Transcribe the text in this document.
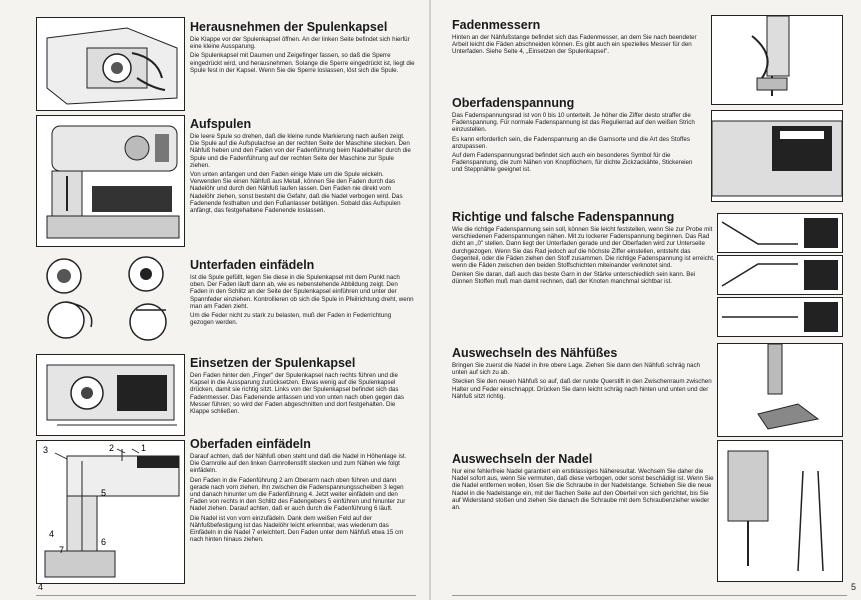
Herausnehmen der Spulenkapsel

Die Klappe vor der Spulenkapsel öffnen. An der linken Seite befindet sich hierfür eine kleine Aussparung.

Die Spulenkapsel mit Daumen und Zeigefinger fassen, so daß die Sperre eingedrückt wird, und herausnehmen. Solange die Sperre eingedrückt ist, liegt die Spule fest in der Kapsel. Wenn Sie die Sperre loslassen, löst sich die Spule.

Aufspulen

Die leere Spule so drehen, daß die kleine runde Markierung nach außen zeigt. Die Spule auf die Aufspulachse an der rechten Seite der Maschine stecken. Den Nähfuß heben und den Faden von der Fadenführung beim Nadelhalter durch die Spule und die Fadenführung auf der rechten Seite der Maschine zur Spule ziehen.

Von unten anfangen und den Faden einige Male um die Spule wickeln. Verwenden Sie einen Nähfuß aus Metall, können Sie den Faden durch das Nadelöhr und durch den Nähfuß laufen lassen. Den Faden nie direkt vom Nadelöhr ziehen, sonst besteht die Gefahr, daß die Nadel verbogen wird. Das Fadenende festhalten und den Fußanlasser betätigen. Sobald das Aufspulen anfängt, das festgehaltene Fadenende loslassen.

Unterfaden einfädeln

Ist die Spule gefüllt, legen Sie diese in die Spulenkapsel mit dem Punkt nach oben. Der Faden läuft dann ab, wie es nebenstehende Abbildung zeigt. Den Faden in den Schlitz an der Seite der Spulenkapsel einführen und unter der Spannfeder einziehen. Kontrollieren ob sich die Spule in Pfeilrichtung dreht, wenn man am Faden zieht.

Um die Feder nicht zu stark zu belasten, muß der Faden in Federrichtung gezogen werden.

Einsetzen der Spulenkapsel

Den Faden hinter den „Finger" der Spulenkapsel nach rechts führen und die Kapsel in die Aussparung zurücksetzen. Etwas wenig auf die Spulenkapsel drücken, damit sie richtig sitzt. Links von der Spulenkapsel befindet sich das Fadenmesser. Das Fadenende anfassen und von unten nach oben gegen das Messer führen; so wird der Faden abgeschnitten und dort festgehalten. Die Klappe schließen.

3
4
2	1
5
6
7
Oberfaden einfädeln

Darauf achten, daß der Nähfuß oben steht und daß die Nadel in Höhenlage ist. Die Garnrolle auf den linken Garnrollenstift stecken und zum Nähen wie folgt einfädeln.

Den Faden in die Fadenführung 2 am Oberarm nach oben führen und dann gerade nach vorn ziehen. Ihn zwischen die Fadenspannungsscheiben 3 legen und danach hinunter um die Fadenführung 4. Jetzt weiter einfädeln und den Faden von rechts in den Schlitz des Fadengebers 5 einführen und hinunter zur Nadel ziehen. Darauf achten, daß er auch durch die Fadenführung 6 läuft.

Die Nadel ist von vorn einzufädeln. Dank dem weißen Feld auf der Nähfußbefestigung ist das Nadelöhr leicht erkennbar, was wiederum das Einfädeln in die Nadel 7 erleichtert. Den Faden unter dem Nähfuß etwa 15 cm nach hinten hinaus ziehen.

4
Fadenmessern

Hinten an der Nähfußstange befindet sich das Fadenmesser, an dem Sie nach beendeter Arbeit leicht die Fäden abschneiden können. Es gibt auch ein spezielles Messer für den Unterfaden. Siehe Seite 4, „Einsetzen der Spulenkapsel".

Oberfadenspannung

Das Fadenspannungsrad ist von 0 bis 10 unterteilt. Je höher die Ziffer desto straffer die Fadenspannung. Für normale Fadenspannung ist das Regulierrad auf den weißen Strich einzustellen.

Es kann erforderlich sein, die Fadenspannung an die Garnsorte und die Art des Stoffes anzupassen.

Auf dem Fadenspannungsrad befindet sich auch ein besonderes Symbol für die Fadenspannung, die zum Nähen von Knopflöchern, für dichte Zickzackähte, Stickereien und Steppnähte geeignet ist.

Richtige und falsche Fadenspannung

Wie die richtige Fadenspannung sein soll, können Sie leicht feststellen, wenn Sie zur Probe mit verschiedenen Fadenspannungen nähen. Mit zu lockerer Fadenspannung beginnen. Das Rad dicht an „0" stellen. Dann liegt der Unterfaden gerade und der Oberfaden wird zur Unterseite durchgezogen. Wenn Sie das Rad jedoch auf die höchste Ziffer einstellen, entsteht das Gegenteil, oder die Fäden ziehen den Stoff zusammen. Die richtige Fadenspannung ist erreicht, wenn die Fäden zwischen den beiden Stoffschichten miteinander verknotet sind.

Denken Sie daran, daß auch das beste Garn in der Stärke unterschiedlich sein kann. Bei dünnen Stoffen muß man damit rechnen, daß der Knoten manchmal sichtbar ist.

Auswechseln des Nähfüßes

Bringen Sie zuerst die Nadel in ihre obere Lage. Ziehen Sie dann den Nähfuß schräg nach unten auf sich zu ab.

Stecken Sie den neuen Nähfuß so auf, daß der runde Querstift in den Zwischenraum zwischen Halter und Feder einschnappt. Drücken Sie dann leicht schräg nach hinten und unten und der Nähfuß sitzt richtig.

Auswechseln der Nadel

Nur eine fehlerfreie Nadel garantiert ein erstklassiges Näheresultat. Wechseln Sie daher die Nadel sofort aus, wenn Sie vermuten, daß diese verbogen, oder sonst beschädigt ist. Wenn Sie die Nadel entfernen wollen, lösen Sie die Schraube in der Nadelstange. Schieben Sie die neue Nadel in die Nadelstange ein, mit der flachen Seite auf den Oberteil von sich gerichtet, bis Sie auf Widerstand stoßen und ziehen Sie danach die Schraube mit dem Schraubenzieher wieder an.

5
